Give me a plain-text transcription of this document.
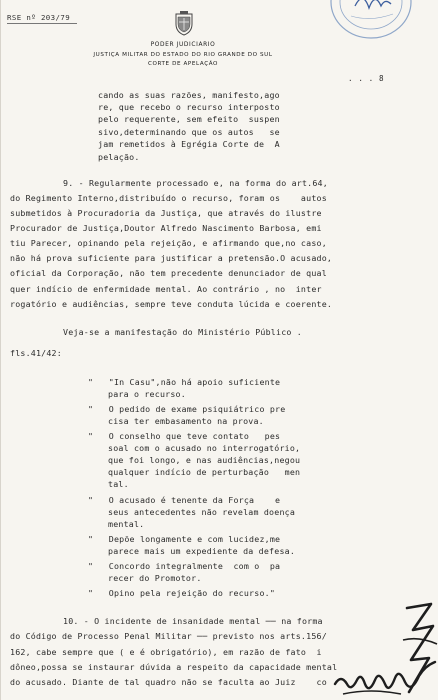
RSE nº 203/79
PODER JUDICIARIO
JUSTIÇA MILITAR DO ESTADO DO RIO GRANDE DO SUL
CORTE DE APELAÇÃO
. . . 8
cando as suas razões, manifesto,ago
re, que recebo o recurso interposto
pelo requerente, sem efeito  suspen
sivo,determinando que os autos   se
jam remetidos à Egrégia Corte de  A
pelação.
9. - Regularmente processado e, na forma do art.64,
do Regimento Interno,distribuído o recurso, foram os    autos
submetidos à Procuradoria da Justiça, que através do ilustre
Procurador de Justiça,Doutor Alfredo Nascimento Barbosa, emi
tiu Parecer, opinando pela rejeição, e afirmando que,no caso,
não há prova suficiente para justificar a pretensão.O acusado,
oficial da Corporação, não tem precedente denunciador de qual
quer indício de enfermidade mental. Ao contrário , no  inter
rogatório e audiências, sempre teve conduta lúcida e coerente.
Veja-se a manifestação do Ministério Público .
fls.41/42:
"   "In Casu",não há apoio suficiente
para o recurso.
"   O pedido de exame psiquiátrico pre
cisa ter embasamento na prova.
"   O conselho que teve contato   pes
soal com o acusado no interrogatório,
que foi longo, e nas audiências,negou
qualquer indício de perturbação   men
tal.
"   O acusado é tenente da Força    e
seus antecedentes não revelam doença
mental.
"   Depõe longamente e com lucidez,me
parece mais um expediente da defesa.
"   Concordo integralmente  com o  pa
recer do Promotor.
"   Opino pela rejeição do recurso."
10. - O incidente de insanidade mental ── na forma
do Código de Processo Penal Militar ── previsto nos arts.156/
162, cabe sempre que ( e é obrigatório), em razão de fato  i
dôneo,possa se instaurar dúvida a respeito da capacidade mental
do acusado. Diante de tal quadro não se faculta ao Juiz    co
